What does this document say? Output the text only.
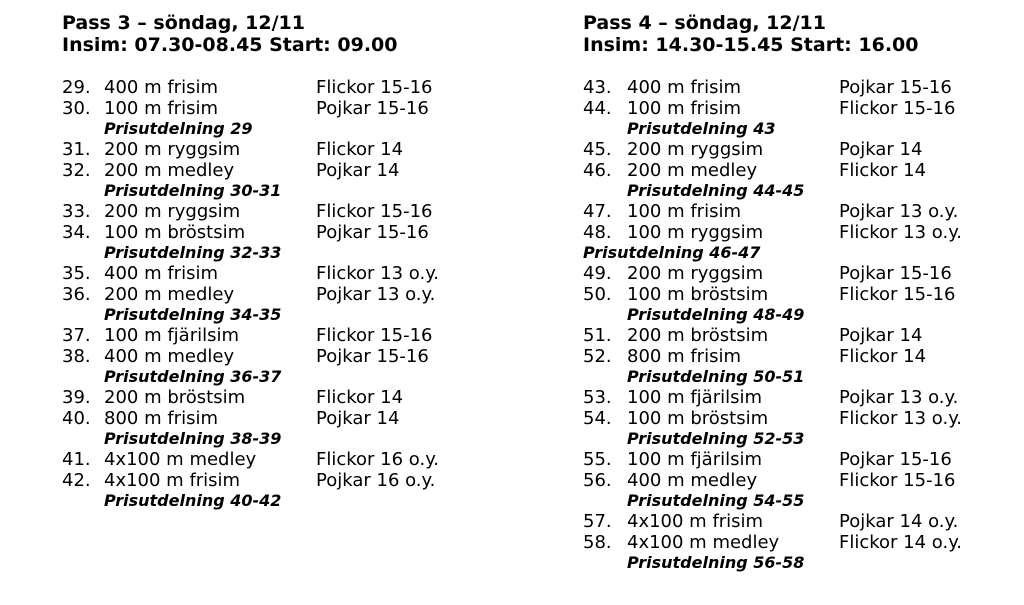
Pass 3 – söndag, 12/11
Insim: 07.30-08.45 Start: 09.00
29. 400 m frisim	Flickor 15-16
30. 100 m frisim	Pojkar 15-16
Prisutdelning 29
31. 200 m ryggsim	Flickor 14
32. 200 m medley	Pojkar 14
Prisutdelning 30-31
33. 200 m ryggsim	Flickor 15-16
34. 100 m bröstsim	Pojkar 15-16
Prisutdelning 32-33
35. 400 m frisim	Flickor 13 o.y.
36. 200 m medley	Pojkar 13 o.y.
Prisutdelning 34-35
37. 100 m fjärilsim	Flickor 15-16
38. 400 m medley	Pojkar 15-16
Prisutdelning 36-37
39. 200 m bröstsim	Flickor 14
40. 800 m frisim	Pojkar 14
Prisutdelning 38-39
41. 4x100 m medley	Flickor 16 o.y.
42. 4x100 m frisim	Pojkar 16 o.y.
Prisutdelning 40-42
Pass 4 – söndag, 12/11
Insim: 14.30-15.45 Start: 16.00
43. 400 m frisim	Pojkar 15-16
44. 100 m frisim	Flickor 15-16
Prisutdelning 43
45. 200 m ryggsim	Pojkar 14
46. 200 m medley	Flickor 14
Prisutdelning 44-45
47. 100 m frisim	Pojkar 13 o.y.
48. 100 m ryggsim	Flickor 13 o.y.
Prisutdelning 46-47
49. 200 m ryggsim	Pojkar 15-16
50. 100 m bröstsim	Flickor 15-16
Prisutdelning 48-49
51. 200 m bröstsim	Pojkar 14
52. 800 m frisim	Flickor 14
Prisutdelning 50-51
53. 100 m fjärilsim	Pojkar 13 o.y.
54. 100 m bröstsim	Flickor 13 o.y.
Prisutdelning 52-53
55. 100 m fjärilsim	Pojkar 15-16
56. 400 m medley	Flickor 15-16
Prisutdelning 54-55
57. 4x100 m frisim	Pojkar 14 o.y.
58. 4x100 m medley	Flickor 14 o.y.
Prisutdelning 56-58
